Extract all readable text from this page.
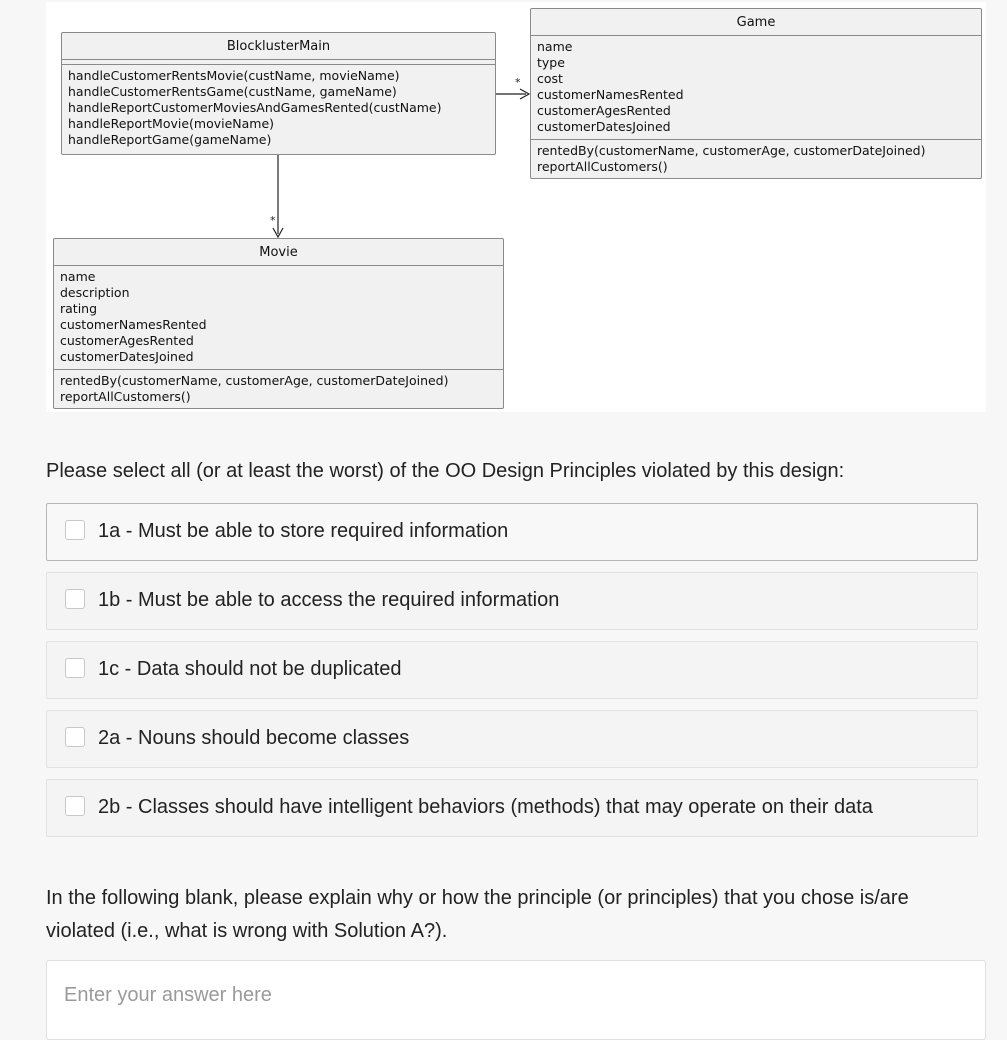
*
*
BlocklusterMain
handleCustomerRentsMovie(custName, movieName)
handleCustomerRentsGame(custName, gameName)
handleReportCustomerMoviesAndGamesRented(custName)
handleReportMovie(movieName)
handleReportGame(gameName)
Game
name
type
cost
customerNamesRented
customerAgesRented
customerDatesJoined
rentedBy(customerName, customerAge, customerDateJoined)
reportAllCustomers()
Movie
name
description
rating
customerNamesRented
customerAgesRented
customerDatesJoined
rentedBy(customerName, customerAge, customerDateJoined)
reportAllCustomers()
Please select all (or at least the worst) of the OO Design Principles violated by this design:
1a - Must be able to store required information
1b - Must be able to access the required information
1c - Data should not be duplicated
2a - Nouns should become classes
2b - Classes should have intelligent behaviors (methods) that may operate on their data
In the following blank, please explain why or how the principle (or principles) that you chose is/are violated (i.e., what is wrong with Solution A?).
Enter your answer here
